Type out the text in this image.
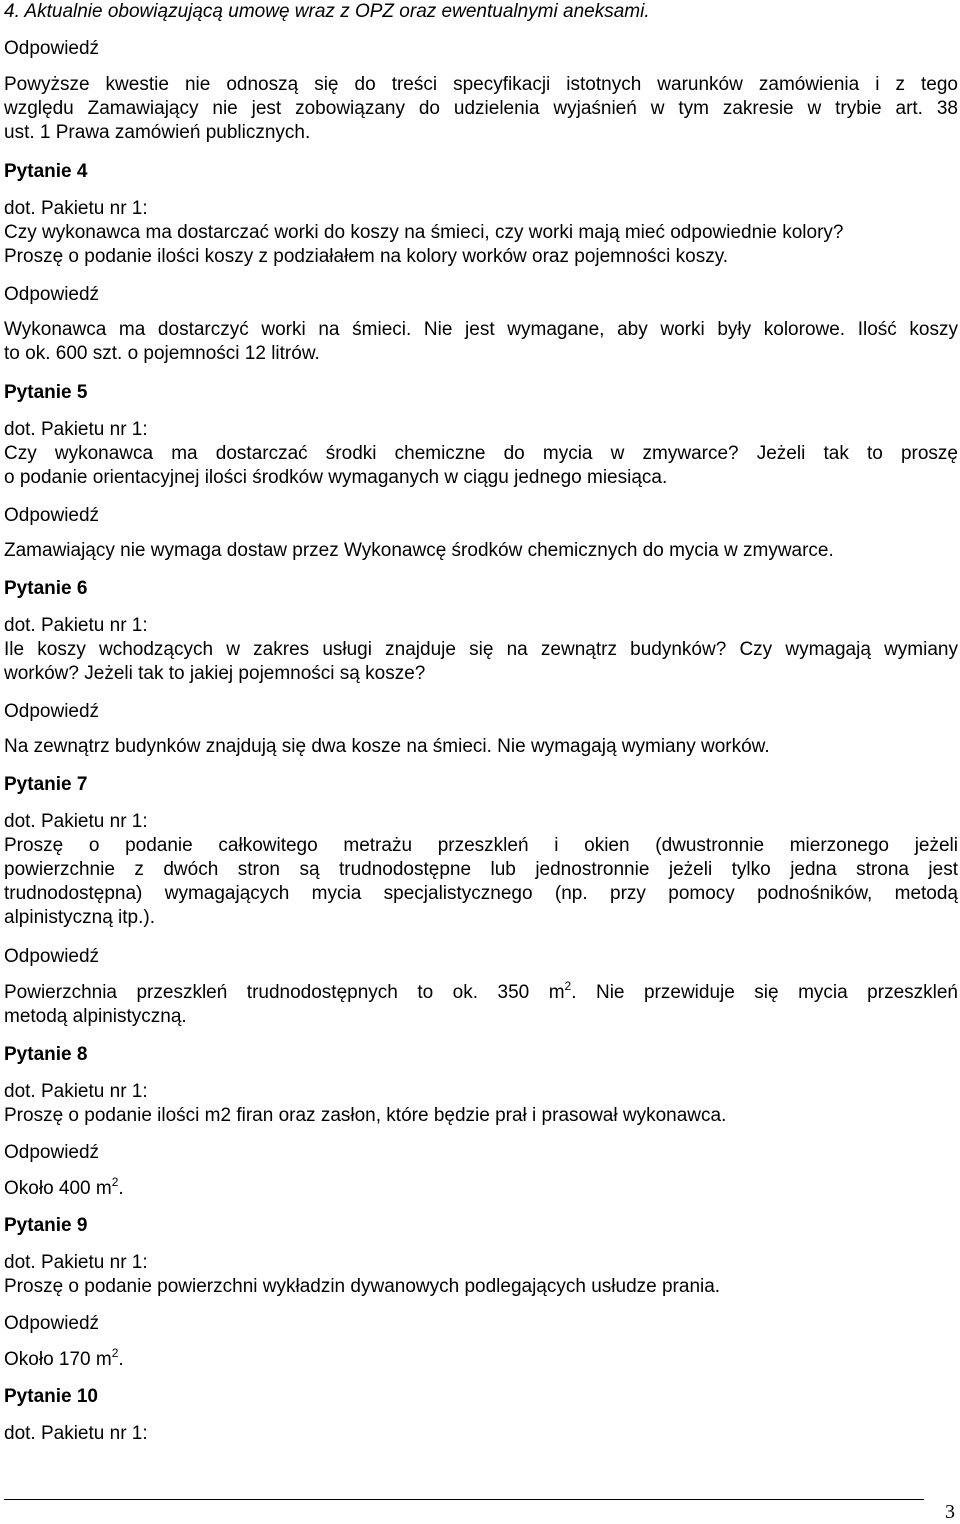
4. Aktualnie obowiązującą umowę wraz z OPZ oraz ewentualnymi aneksami.
Odpowiedź
Powyższe kwestie nie odnoszą się do treści specyfikacji istotnych warunków zamówienia i z tego
względu Zamawiający nie jest zobowiązany do udzielenia wyjaśnień w tym zakresie w trybie art. 38
ust. 1 Prawa zamówień publicznych.
Pytanie 4
dot. Pakietu nr 1:
Czy wykonawca ma dostarczać worki do koszy na śmieci, czy worki mają mieć odpowiednie kolory?
Proszę o podanie ilości koszy z podziałałem na kolory worków oraz pojemności koszy.
Odpowiedź
Wykonawca ma dostarczyć worki na śmieci. Nie jest wymagane, aby worki były kolorowe. Ilość koszy
to ok. 600 szt. o pojemności 12 litrów.
Pytanie 5
dot. Pakietu nr 1:
Czy wykonawca ma dostarczać środki chemiczne do mycia w zmywarce? Jeżeli tak to proszę
o podanie orientacyjnej ilości środków wymaganych w ciągu jednego miesiąca.
Odpowiedź
Zamawiający nie wymaga dostaw przez Wykonawcę środków chemicznych do mycia w zmywarce.
Pytanie 6
dot. Pakietu nr 1:
Ile koszy wchodzących w zakres usługi znajduje się na zewnątrz budynków? Czy wymagają wymiany
worków? Jeżeli tak to jakiej pojemności są kosze?
Odpowiedź
Na zewnątrz budynków znajdują się dwa kosze na śmieci. Nie wymagają wymiany worków.
Pytanie 7
dot. Pakietu nr 1:
Proszę o podanie całkowitego metrażu przeszkleń i okien (dwustronnie mierzonego jeżeli
powierzchnie z dwóch stron są trudnodostępne lub jednostronnie jeżeli tylko jedna strona jest
trudnodostępna) wymagających mycia specjalistycznego (np. przy pomocy podnośników, metodą
alpinistyczną itp.).
Odpowiedź
Powierzchnia przeszkleń trudnodostępnych to ok. 350 $m^2$. Nie przewiduje się mycia przeszkleń
metodą alpinistyczną.
Pytanie 8
dot. Pakietu nr 1:
Proszę o podanie ilości m2 firan oraz zasłon, które będzie prał i prasował wykonawca.
Odpowiedź
Około 400 $m^2$.
Pytanie 9
dot. Pakietu nr 1:
Proszę o podanie powierzchni wykładzin dywanowych podlegających usłudze prania.
Odpowiedź
Około 170 $m^2$.
Pytanie 10
dot. Pakietu nr 1:
3
